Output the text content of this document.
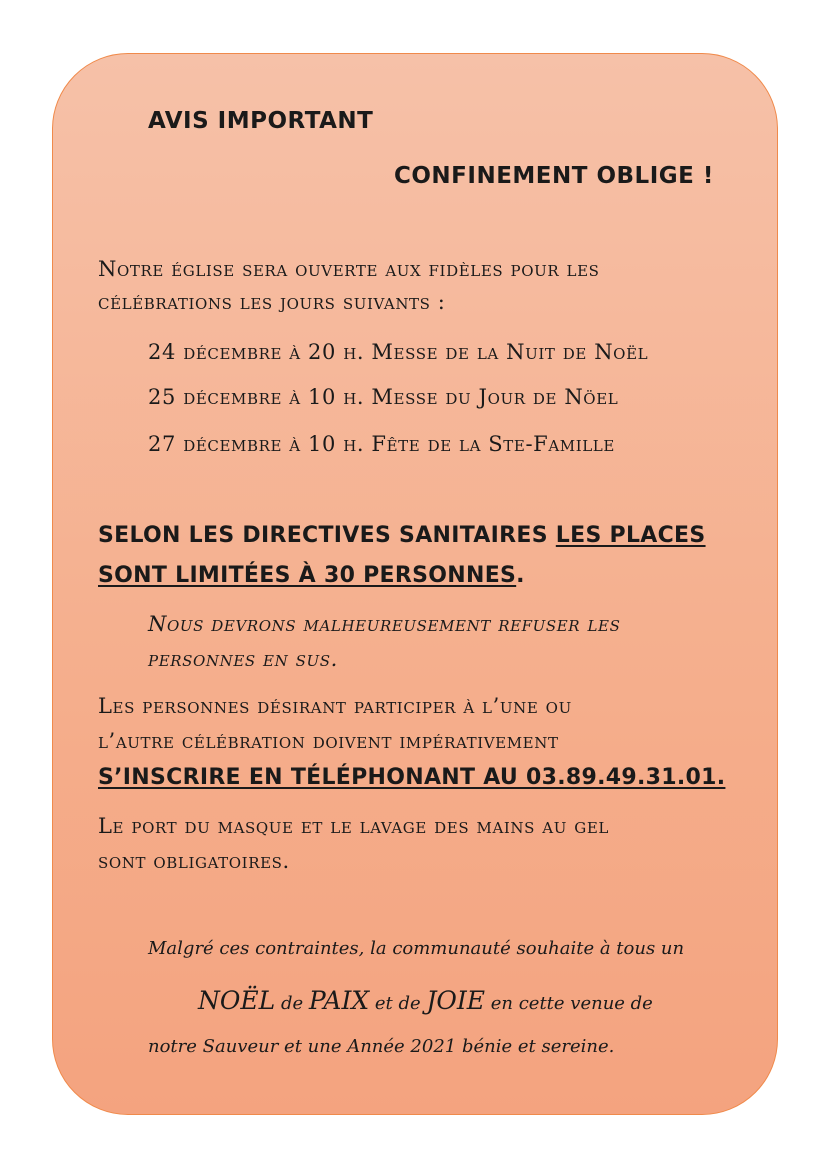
AVIS IMPORTANT

CONFINEMENT OBLIGE !

Notre église sera ouverte aux fidèles pour les

célébrations les jours suivants :

24 décembre à 20 h. Messe de la Nuit de Noël

25 décembre à 10 h. Messe du Jour de Nöel

27 décembre à 10 h. Fête de la Ste-Famille

SELON LES DIRECTIVES SANITAIRES LES PLACES

SONT LIMITÉES À 30 PERSONNES.

Nous devrons malheureusement refuser les

personnes en sus.

Les personnes désirant participer à l’une ou

l’autre célébration doivent impérativement

S’INSCRIRE EN TÉLÉPHONANT AU 03.89.49.31.01.

Le port du masque et le lavage des mains au gel

sont obligatoires.

Malgré ces contraintes, la communauté souhaite à tous un

NOËL de PAIX et de JOIE en cette venue de

notre Sauveur et une Année 2021 bénie et sereine.
